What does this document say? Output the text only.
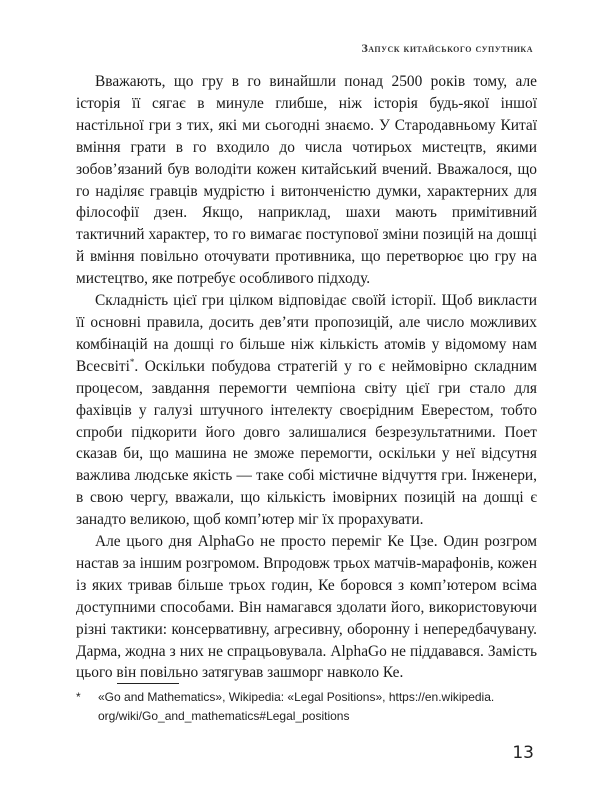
Запуск китайського супутника

Вважають, що гру в го винайшли понад 2500 років тому, але історія її сягає в минуле глибше, ніж історія будь-якої іншої настільної гри з тих, які ми сьогодні знаємо. У Стародавньому Китаї вміння грати в го входило до числа чотирьох мистецтв, якими зобов’язаний був володіти кожен китайський вчений. Вважалося, що го наділяє гравців мудрістю і витонченістю думки, характерних для філософії дзен. Якщо, наприклад, шахи мають примітивний тактичний характер, то го вимагає поступової зміни позицій на дошці й вміння повільно оточувати противника, що перетворює цю гру на мистецтво, яке потребує особливого підходу.

Складність цієї гри цілком відповідає своїй історії. Щоб викласти її основні правила, досить дев’яти пропозицій, але число можливих комбінацій на дошці го більше ніж кількість атомів у відомому нам Всесвіті*. Оскільки побудова стратегій у го є неймовірно складним процесом, завдання перемогти чемпіона світу цієї гри стало для фахівців у галузі штучного інтелекту своєрідним Еверестом, тобто спроби підкорити його довго залишалися безрезультатними. Поет сказав би, що машина не зможе перемогти, оскільки у неї відсутня важлива людське якість — таке собі містичне відчуття гри. Інженери, в свою чергу, вважали, що кількість імовірних позицій на дошці є занадто великою, щоб комп’ютер міг їх прорахувати.

Але цього дня AlphaGo не просто переміг Ке Цзе. Один розгром настав за іншим розгромом. Впродовж трьох матчів-марафонів, кожен із яких тривав більше трьох годин, Ке боровся з комп’ютером всіма доступними способами. Він намагався здолати його, використовуючи різні тактики: консервативну, агресивну, оборонну і непередбачувану. Дарма, жодна з них не спрацьовувала. AlphaGo не піддавався. Замість цього він повільно затягував зашморг навколо Ке.

* «Go and Mathematics», Wikipedia: «Legal Positions», https://en.wikipedia.
org/wiki/Go_and_mathematics#Legal_positions
13
